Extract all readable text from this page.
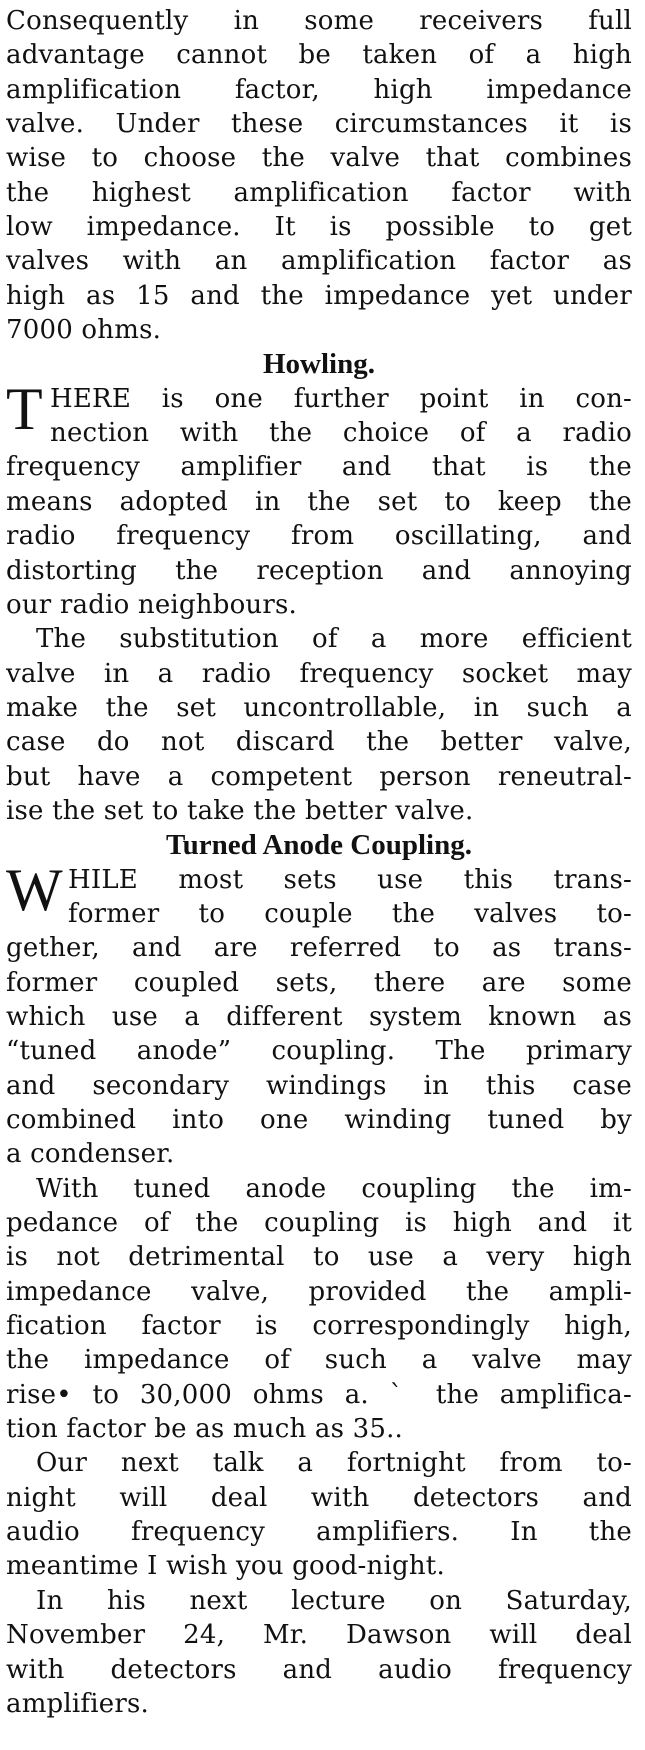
Consequently in some receivers full
advantage cannot be taken of a high
amplification factor, high impedance
valve. Under these circumstances it is
wise to choose the valve that combines
the highest amplification factor with
low impedance. It is possible to get
valves with an amplification factor as
high as 15 and the impedance yet under
7000 ohms.
Howling.
T HERE is one further point in con-
nection with the choice of a radio
frequency amplifier and that is the
means adopted in the set to keep the
radio frequency from oscillating, and
distorting the reception and annoying
our radio neighbours.
The substitution of a more efficient
valve in a radio frequency socket may
make the set uncontrollable, in such a
case do not discard the better valve,
but have a competent person reneutral-
ise the set to take the better valve.
Turned Anode Coupling.
W HILE most sets use this trans-
former to couple the valves to-
gether, and are referred to as trans-
former coupled sets, there are some
which use a different system known as
“tuned anode” coupling. The primary
and secondary windings in this case
combined into one winding tuned by
a condenser.
With tuned anode coupling the im-
pedance of the coupling is high and it
is not detrimental to use a very high
impedance valve, provided the ampli-
fication factor is correspondingly high,
the impedance of such a valve may
rise• to 30,000 ohms a. ˋ the amplifica-
tion factor be as much as 35..
Our next talk a fortnight from to-
night will deal with detectors and
audio frequency amplifiers. In the
meantime I wish you good-night.
In his next lecture on Saturday,
November 24, Mr. Dawson will deal
with detectors and audio frequency
amplifiers.
